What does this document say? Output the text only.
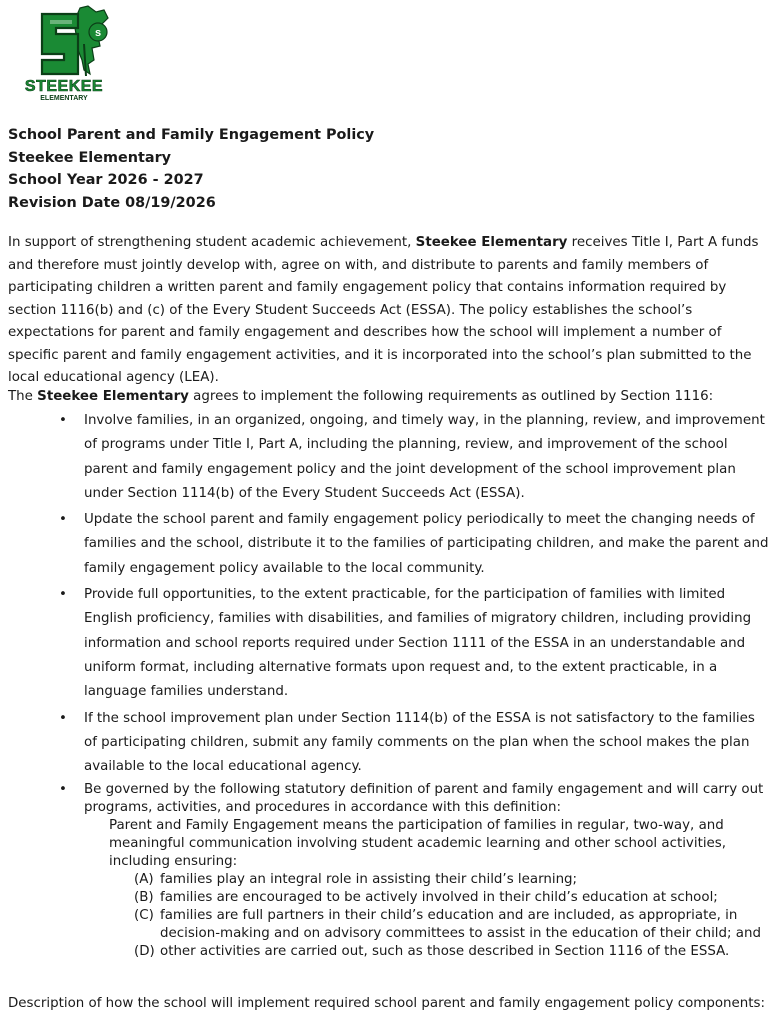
s
STEEKEE
ELEMENTARY
School Parent and Family Engagement Policy
Steekee Elementary
School Year 2026 - 2027
Revision Date 08/19/2026
In support of strengthening student academic achievement, Steekee Elementary receives Title I, Part A funds and therefore must jointly develop with, agree on with, and distribute to parents and family members of participating children a written parent and family engagement policy that contains information required by section 1116(b) and (c) of the Every Student Succeeds Act (ESSA). The policy establishes the school’s expectations for parent and family engagement and describes how the school will implement a number of specific parent and family engagement activities, and it is incorporated into the school’s plan submitted to the local educational agency (LEA).
The Steekee Elementary agrees to implement the following requirements as outlined by Section 1116:
• Involve families, in an organized, ongoing, and timely way, in the planning, review, and improvement of programs under Title I, Part A, including the planning, review, and improvement of the school parent and family engagement policy and the joint development of the school improvement plan under Section 1114(b) of the Every Student Succeeds Act (ESSA).
• Update the school parent and family engagement policy periodically to meet the changing needs of families and the school, distribute it to the families of participating children, and make the parent and family engagement policy available to the local community.
• Provide full opportunities, to the extent practicable, for the participation of families with limited English proficiency, families with disabilities, and families of migratory children, including providing information and school reports required under Section 1111 of the ESSA in an understandable and uniform format, including alternative formats upon request and, to the extent practicable, in a language families understand.
• If the school improvement plan under Section 1114(b) of the ESSA is not satisfactory to the families of participating children, submit any family comments on the plan when the school makes the plan available to the local educational agency.
• Be governed by the following statutory definition of parent and family engagement and will carry out programs, activities, and procedures in accordance with this definition:
Parent and Family Engagement means the participation of families in regular, two-way, and meaningful communication involving student academic learning and other school activities, including ensuring:
(A) families play an integral role in assisting their child’s learning;
(B) families are encouraged to be actively involved in their child’s education at school;
(C) families are full partners in their child’s education and are included, as appropriate, in decision-making and on advisory committees to assist in the education of their child; and
(D) other activities are carried out, such as those described in Section 1116 of the ESSA.
Description of how the school will implement required school parent and family engagement policy components:
